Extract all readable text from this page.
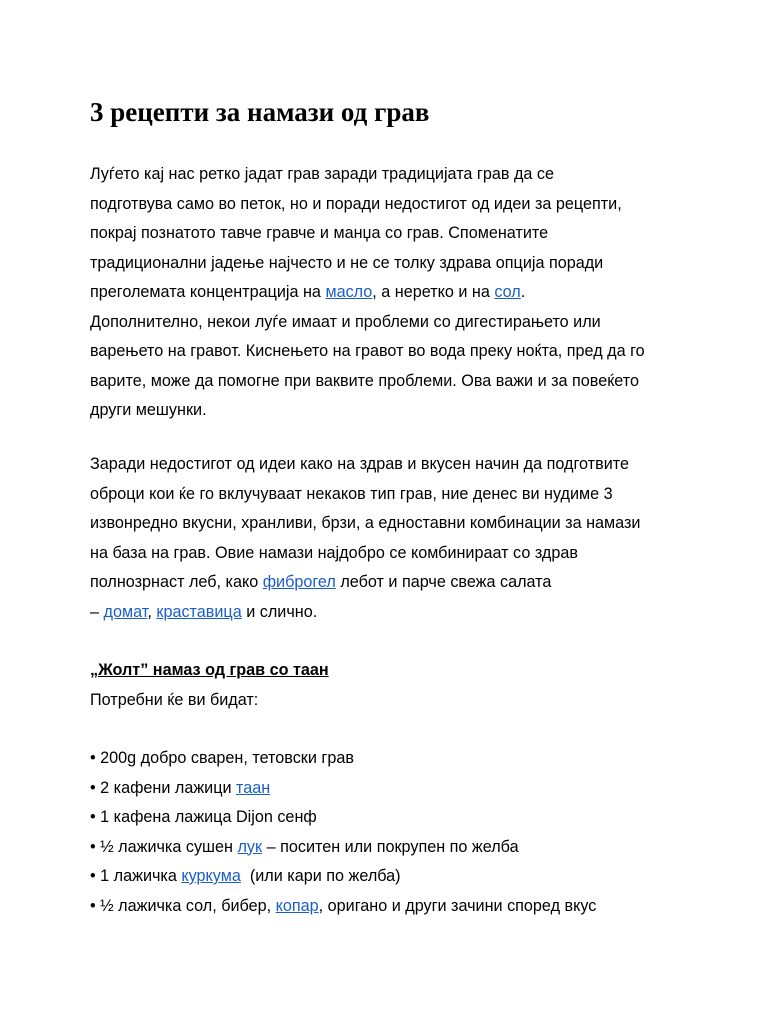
3 рецепти за намази од грав

Луѓето кај нас ретко јадат грав заради традицијата грав да се
подготвува само во петок, но и поради недостигот од идеи за рецепти,
покрај познатото тавче гравче и манџа со грав. Споменатите
традиционални јадење најчесто и не се толку здрава опција поради
преголемата концентрација на масло, а неретко и на сол.
Дополнително, некои луѓе имаат и проблеми со дигестирањето или
варењето на гравот. Киснењето на гравот во вода преку ноќта, пред да го
варите, може да помогне при ваквите проблеми. Ова важи и за повеќето
други мешунки.

Заради недостигот од идеи како на здрав и вкусен начин да подготвите
оброци кои ќе го вклучуваат некаков тип грав, ние денес ви нудиме 3
извонредно вкусни, хранливи, брзи, а едноставни комбинации за намази
на база на грав. Овие намази најдобро се комбинираат со здрав
полнозрнаст леб, како фиброгел лебот и парче свежа салата
– домат, краставица и слично.

„Жолт” намаз од грав со таан
Потребни ќе ви бидат:

• 200g добро сварен, тетовски грав
• 2 кафени лажици таан
• 1 кафена лажица Dijon сенф
• ½ лажичка сушен лук – поситен или покрупен по желба
• 1 лажичка куркума  (или кари по желба)
• ½ лажичка сол, бибер, копар, оригано и други зачини според вкус
